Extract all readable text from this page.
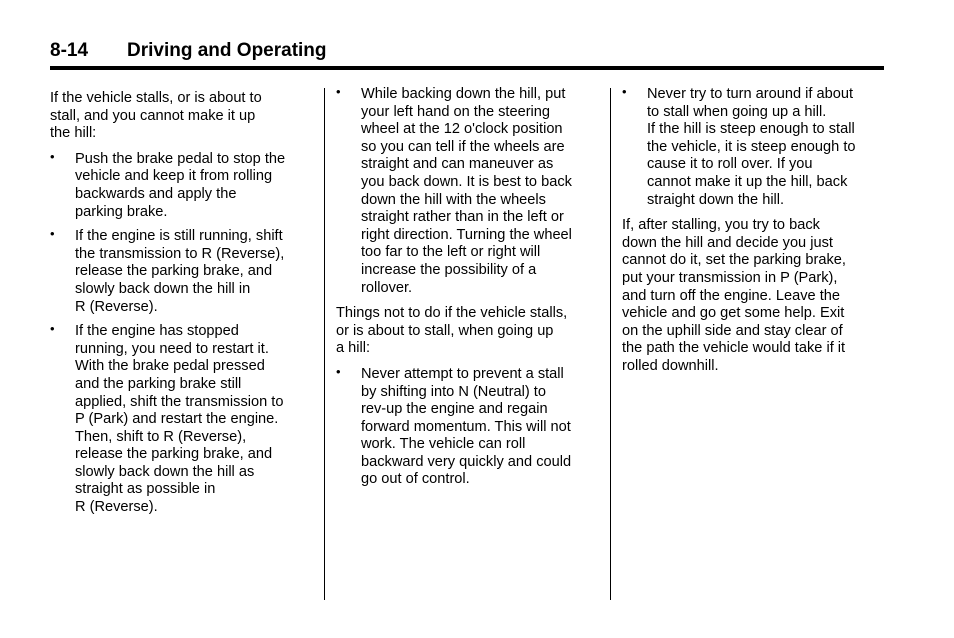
8-14 Driving and Operating
If the vehicle stalls, or is about to
stall, and you cannot make it up
the hill:
• Push the brake pedal to stop the
vehicle and keep it from rolling
backwards and apply the
parking brake.
• If the engine is still running, shift
the transmission to R (Reverse),
release the parking brake, and
slowly back down the hill in
R (Reverse).
• If the engine has stopped
running, you need to restart it.
With the brake pedal pressed
and the parking brake still
applied, shift the transmission to
P (Park) and restart the engine.
Then, shift to R (Reverse),
release the parking brake, and
slowly back down the hill as
straight as possible in
R (Reverse).
• While backing down the hill, put
your left hand on the steering
wheel at the 12 o'clock position
so you can tell if the wheels are
straight and can maneuver as
you back down. It is best to back
down the hill with the wheels
straight rather than in the left or
right direction. Turning the wheel
too far to the left or right will
increase the possibility of a
rollover.
Things not to do if the vehicle stalls,
or is about to stall, when going up
a hill:
• Never attempt to prevent a stall
by shifting into N (Neutral) to
rev-up the engine and regain
forward momentum. This will not
work. The vehicle can roll
backward very quickly and could
go out of control.
• Never try to turn around if about
to stall when going up a hill.
If the hill is steep enough to stall
the vehicle, it is steep enough to
cause it to roll over. If you
cannot make it up the hill, back
straight down the hill.
If, after stalling, you try to back
down the hill and decide you just
cannot do it, set the parking brake,
put your transmission in P (Park),
and turn off the engine. Leave the
vehicle and go get some help. Exit
on the uphill side and stay clear of
the path the vehicle would take if it
rolled downhill.
